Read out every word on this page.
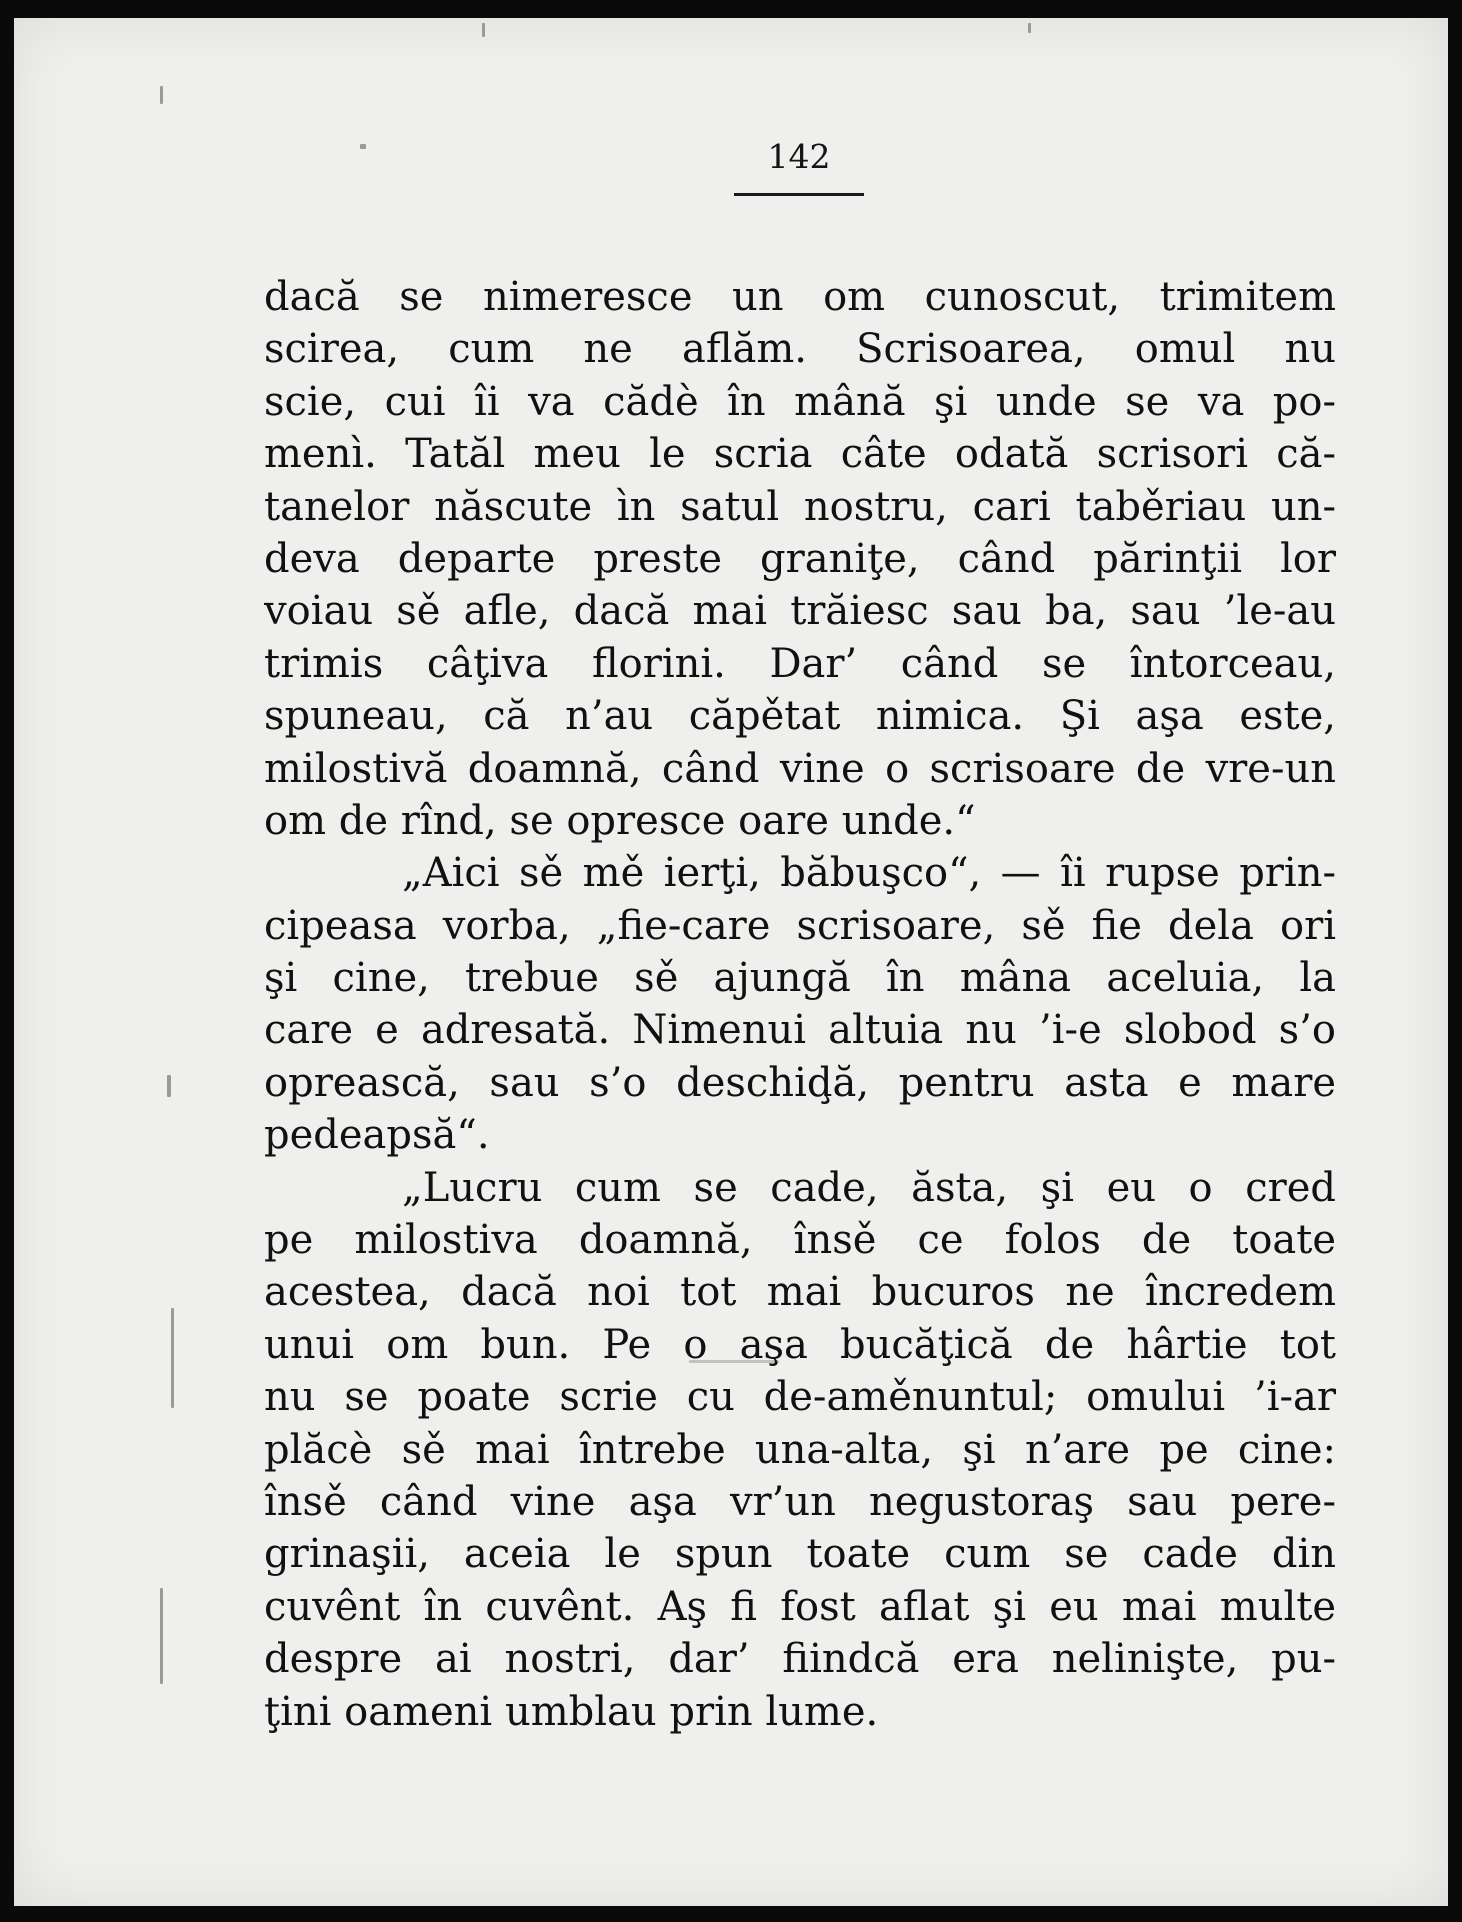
142
dacă se nimeresce un om cunoscut, trimitem
scirea, cum ne aflăm. Scrisoarea, omul nu
scie, cui îi va cădè în mână şi unde se va po-
menì. Tatăl meu le scria câte odată scrisori că-
tanelor născute ìn satul nostru, cari taběriau un-
deva departe preste graniţe, când părinţii lor
voiau sě afle, dacă mai trăiesc sau ba, sau ’le-au
trimis câţiva florini. Dar’ când se întorceau,
spuneau, că n’au căpětat nimica. Şi aşa este,
milostivă doamnă, când vine o scrisoare de vre-un
om de rînd, se opresce oare unde.“
„Aici sě mě ierţi, băbuşco“, — îi rupse prin-
cipeasa vorba, „fie-care scrisoare, sě fie dela ori
şi cine, trebue sě ajungă în mâna aceluia, la
care e adresată. Nimenui altuia nu ’i-e slobod s’o
oprească, sau s’o deschiḑă, pentru asta e mare
pedeapsă“.
„Lucru cum se cade, ăsta, şi eu o cred
pe milostiva doamnă, însě ce folos de toate
acestea, dacă noi tot mai bucuros ne încredem
unui om bun. Pe o aşa bucăţică de hârtie tot
nu se poate scrie cu de-aměnuntul; omului ’i-ar
plăcè sě mai întrebe una-alta, şi n’are pe cine:
însě când vine aşa vr’un negustoraş sau pere-
grinaşii, aceia le spun toate cum se cade din
cuvênt în cuvênt. Aş fi fost aflat şi eu mai multe
despre ai nostri, dar’ fiindcă era neliniştе, pu-
ţini oameni umblau prin lume.
